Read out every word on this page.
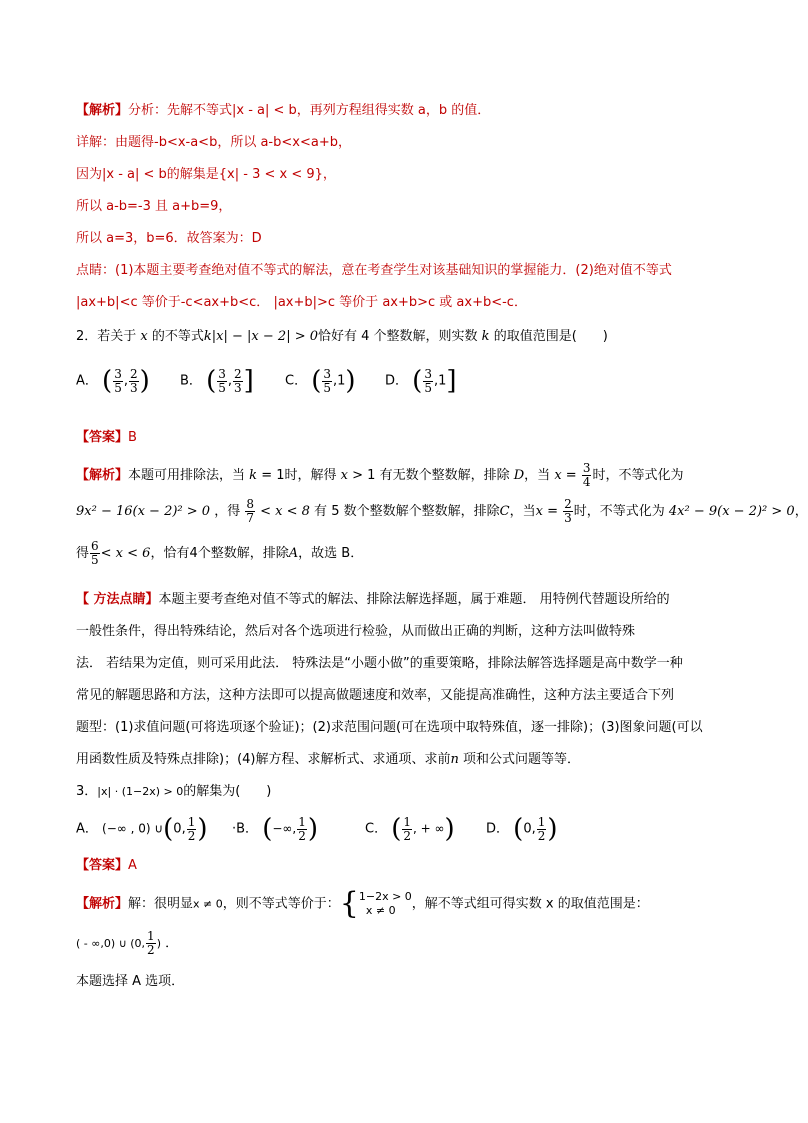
【解析】分析：先解不等式|x - a| < b，再列方程组得实数 a，b 的值．
详解：由题得-b<x-a<b，所以 a-b<x<a+b，
因为|x - a| < b的解集是{x| - 3 < x < 9}，
所以 a-b=-3 且 a+b=9，
所以 a=3，b=6．故答案为：D
点睛：(1)本题主要考查绝对值不等式的解法，意在考查学生对该基础知识的掌握能力．(2)绝对值不等式
|ax+b|<c 等价于-c<ax+b<c． |ax+b|>c 等价于 ax+b>c 或 ax+b<-c．
2．若关于 x 的不等式k|x| − |x − 2| > 0恰好有 4 个整数解，则实数 k 的取值范围是(　　)
A． ( $\frac{3}{5}$ , $\frac{2}{3}$ ) B． ( $\frac{3}{5}$ , $\frac{2}{3}$ ] C． ( $\frac{3}{5} ,1$) D． ( $\frac{3}{5} ,1$]
【答案】B
【解析】本题可用排除法，当 k = 1时，解得 x > 1 有无数个整数解，排除 D，当 $x = \frac{3}{4}$ 时，不等式化为
9x² − 16(x − 2)² > 0 ，得 $\frac{8}{7} < x < 8$ 有 5 数个整数解个整数解，排除C，当$x = \frac{2}{3}$ 时，不等式化为 4x² − 9(x − 2)² > 0，
得 $\frac{6}{5} < x < 6$，恰有4个整数解，排除A，故选 B．
【 方法点睛】本题主要考查绝对值不等式的解法、排除法解选择题，属于难题． 用特例代替题设所给的
一般性条件，得出特殊结论，然后对各个选项进行检验，从而做出正确的判断，这种方法叫做特殊
法． 若结果为定值，则可采用此法． 特殊法是“小题小做”的重要策略，排除法解答选择题是高中数学一种
常见的解题思路和方法，这种方法即可以提高做题速度和效率，又能提高准确性，这种方法主要适合下列
题型：(1)求值问题(可将选项逐个验证)；(2)求范围问题(可在选项中取特殊值，逐一排除)；(3)图象问题(可以
用函数性质及特殊点排除)；(4)解方程、求解析式、求通项、求前n 项和公式问题等等．
3．|x| · (1−2x) > 0的解集为(　　)
A． (−∞ , 0) ∪(0, $\frac{1}{2}$ ) ·B． (−∞, $\frac{1}{2}$ )	C． ( $\frac{1}{2}$ , + ∞) D． (0, $\frac{1}{2}$ )
【答案】A
【解析】解：很明显x ≠ 0，则不等式等价于：{1−2x > 0
x ≠ 0 ，解不等式组可得实数 x 的取值范围是：
( - ∞,0) ∪ (0, $\frac{1}{2}$ ) ．
本题选择 A 选项．
